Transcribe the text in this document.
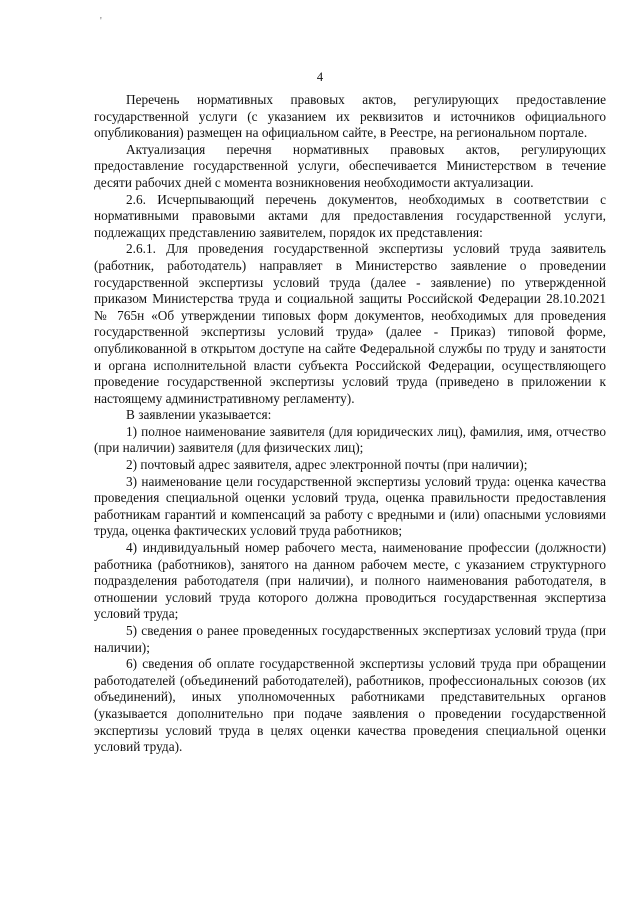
'
4

Перечень нормативных правовых актов, регулирующих предоставление государственной услуги (с указанием их реквизитов и источников официального опубликования) размещен на официальном сайте, в Реестре, на региональном портале.

Актуализация перечня нормативных правовых актов, регулирующих предоставление государственной услуги, обеспечивается Министерством в течение десяти рабочих дней с момента возникновения необходимости актуализации.

2.6. Исчерпывающий перечень документов, необходимых в соответствии с нормативными правовыми актами для предоставления государственной услуги, подлежащих представлению заявителем, порядок их представления:

2.6.1. Для проведения государственной экспертизы условий труда заявитель (работник, работодатель) направляет в Министерство заявление о проведении государственной экспертизы условий труда (далее - заявление) по утвержденной приказом Министерства труда и социальной защиты Российской Федерации 28.10.2021 № 765н «Об утверждении типовых форм документов, необходимых для проведения государственной экспертизы условий труда» (далее - Приказ) типовой форме, опубликованной в открытом доступе на сайте Федеральной службы по труду и занятости и органа исполнительной власти субъекта Российской Федерации, осуществляющего проведение государственной экспертизы условий труда (приведено в приложении к настоящему административному регламенту).

В заявлении указывается:

1) полное наименование заявителя (для юридических лиц), фамилия, имя, отчество (при наличии) заявителя (для физических лиц);

2) почтовый адрес заявителя, адрес электронной почты (при наличии);

3) наименование цели государственной экспертизы условий труда: оценка качества проведения специальной оценки условий труда, оценка правильности предоставления работникам гарантий и компенсаций за работу с вредными и (или) опасными условиями труда, оценка фактических условий труда работников;

4) индивидуальный номер рабочего места, наименование профессии (должности) работника (работников), занятого на данном рабочем месте, с указанием структурного подразделения работодателя (при наличии), и полного наименования работодателя, в отношении условий труда которого должна проводиться государственная экспертиза условий труда;

5) сведения о ранее проведенных государственных экспертизах условий труда (при наличии);

6) сведения об оплате государственной экспертизы условий труда при обращении работодателей (объединений работодателей), работников, профессиональных союзов (их объединений), иных уполномоченных работниками представительных органов (указывается дополнительно при подаче заявления о проведении государственной экспертизы условий труда в целях оценки качества проведения специальной оценки условий труда).
